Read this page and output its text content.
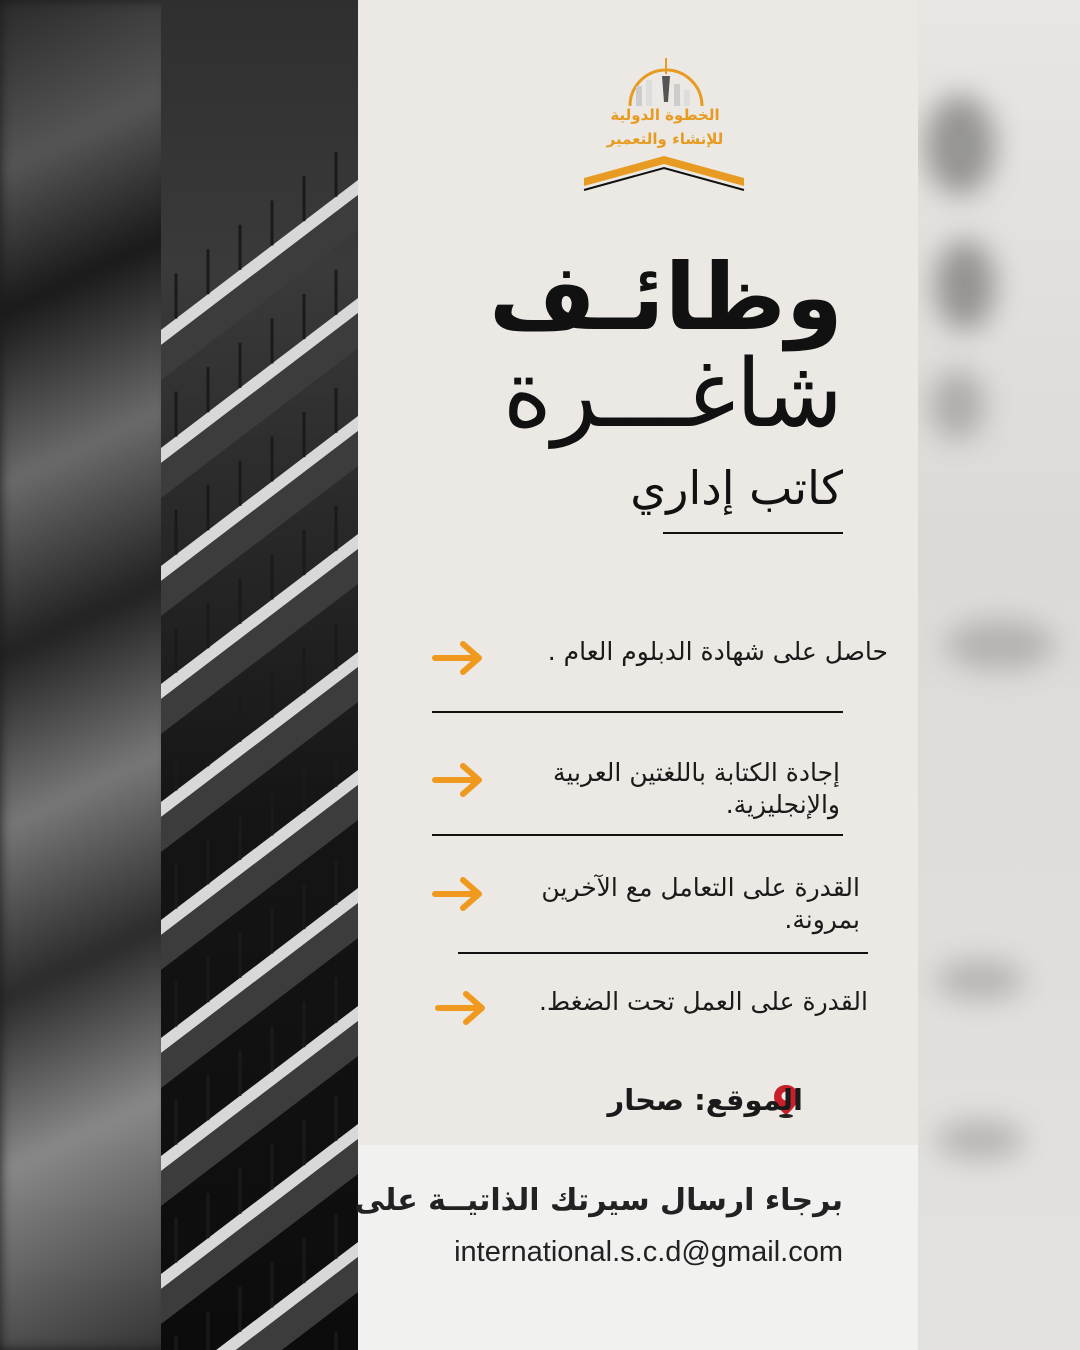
الخطوة الدولية
للإنشاء والتعمير
وظائـف
شاغـــرة
كاتب إداري
حاصل على شهادة الدبلوم العام .
إجادة الكتابة باللغتين العربية والإنجليزية.
القدرة على التعامل مع الآخرين بمرونة.
القدرة على العمل تحت الضغط.
الموقع: صحار
برجاء ارسال سيرتك الذاتيــة على
international.s.c.d@gmail.com
